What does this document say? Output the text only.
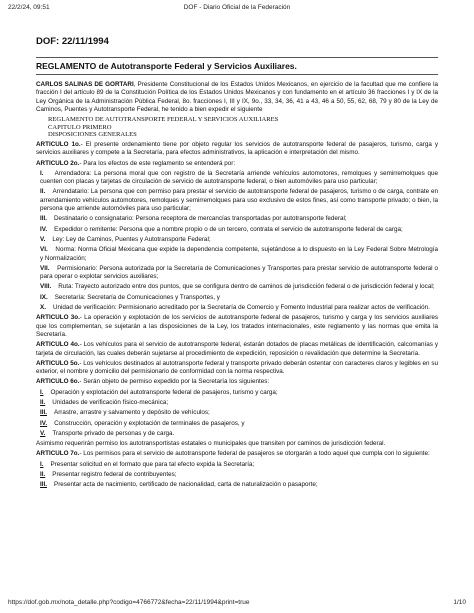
22/2/24, 09:51	DOF - Diario Oficial de la Federación
DOF: 22/11/1994
REGLAMENTO de Autotransporte Federal y Servicios Auxiliares.

CARLOS SALINAS DE GORTARI, Presidente Constitucional de los Estados Unidos Mexicanos, en ejercicio de la facultad que me confiere la fracción I del artículo 89 de la Constitución Política de los Estados Unidos Mexicanos y con fundamento en el artículo 36 fracciones I y IX de la Ley Orgánica de la Administración Pública Federal, 8o. fracciones I, III y IX, 9o., 33, 34, 36, 41 a 43, 46 a 50, 55, 62, 68, 79 y 80 de la Ley de Caminos, Puentes y Autotransporte Federal, he tenido a bien expedir el siguiente

REGLAMENTO DE AUTOTRANSPORTE FEDERAL Y SERVICIOS AUXILIARES

CAPITULO PRIMERO

DISPOSICIONES GENERALES

ARTICULO 1o.- El presente ordenamiento tiene por objeto regular los servicios de autotransporte federal de pasajeros, turismo, carga y servicios auxiliares y compete a la Secretaría, para efectos administrativos, la aplicación e interpretación del mismo.

ARTICULO 2o.- Para los efectos de este reglamento se entenderá por:

I. Arrendadora: La persona moral que con registro de la Secretaría arriende vehículos automotores, remolques y semirremolques que cuenten con placas y tarjetas de circulación de servicio de autotransporte federal, o bien automóviles para uso particular;

II. Arrendatario: La persona que con permiso para prestar el servicio de autotransporte federal de pasajeros, turismo o de carga, contrate en arrendamiento vehículos automotores, remolques y semirremolques para uso exclusivo de estos fines, así como transporte privado; o bien, la persona que arriende automóviles para uso particular;

III. Destinatario o consignatario: Persona receptora de mercancías transportadas por autotransporte federal;

IV. Expedidor o remitente: Persona que a nombre propio o de un tercero, contrata el servicio de autotransporte federal de carga;

V. Ley: Ley de Caminos, Puentes y Autotransporte Federal;

VI. Norma: Norma Oficial Mexicana que expide la dependencia competente, sujetándose a lo dispuesto en la Ley Federal Sobre Metrología y Normalización;

VII. Permisionario: Persona autorizada por la Secretaría de Comunicaciones y Transportes para prestar servicio de autotransporte federal o para operar o explotar servicios auxiliares;

VIII. Ruta: Trayecto autorizado entre dos puntos, que se configura dentro de caminos de jurisdicción federal o de jurisdicción federal y local;

IX. Secretaría: Secretaría de Comunicaciones y Transportes, y

X. Unidad de verificación: Permisionario acreditado por la Secretaría de Comercio y Fomento Industrial para realizar actos de verificación.

ARTICULO 3o.- La operación y explotación de los servicios de autotransporte federal de pasajeros, turismo y carga y los servicios auxiliares que los complementan, se sujetarán a las disposiciones de la Ley, los tratados internacionales, este reglamento y las normas que emita la Secretaría.

ARTICULO 4o.- Los vehículos para el servicio de autotransporte federal, estarán dotados de placas metálicas de identificación, calcomanías y tarjeta de circulación, las cuales deberán sujetarse al procedimiento de expedición, reposición o revalidación que determine la Secretaría.

ARTICULO 5o.- Los vehículos destinados al autotransporte federal y transporte privado deberán ostentar con caracteres claros y legibles en su exterior, el nombre y domicilio del permisionario de conformidad con la norma respectiva.

ARTICULO 6o.- Serán objeto de permiso expedido por la Secretaría los siguientes:

I. Operación y explotación del autotransporte federal de pasajeros, turismo y carga;

II. Unidades de verificación físico-mecánica;

III. Arrastre, arrastre y salvamento y depósito de vehículos;

IV. Construcción, operación y explotación de terminales de pasajeros, y

V. Transporte privado de personas y de carga.

Asimismo requerirán permiso los autotransportistas estatales o municipales que transiten por caminos de jurisdicción federal.

ARTICULO 7o.- Los permisos para el servicio de autotransporte federal de pasajeros se otorgarán a todo aquel que cumpla con lo siguiente:

I. Presentar solicitud en el formato que para tal efecto expida la Secretaría;

II. Presentar registro federal de contribuyentes;

III. Presentar acta de nacimiento, certificado de nacionalidad, carta de naturalización o pasaporte;

https://dof.gob.mx/nota_detalle.php?codigo=4766772&fecha=22/11/1994&print=true	1/10
